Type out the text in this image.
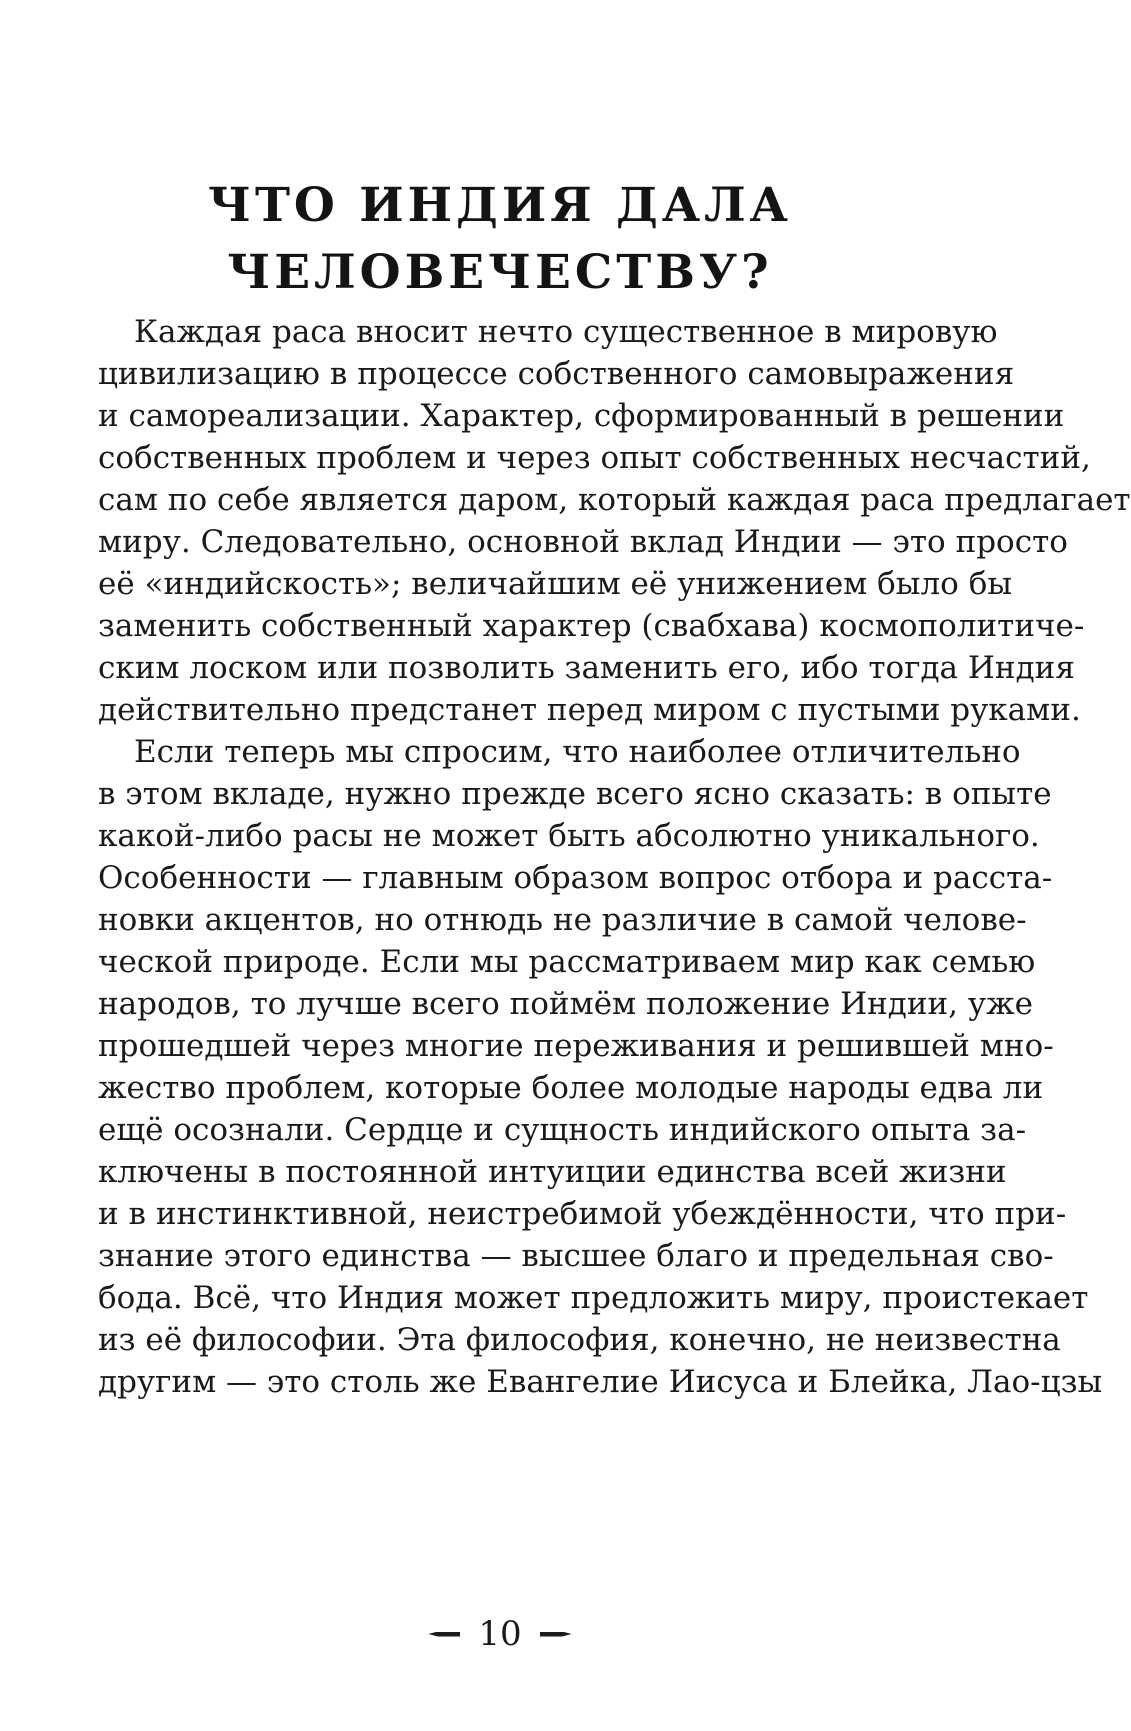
ЧТО ИНДИЯ ДАЛА
ЧЕЛОВЕЧЕСТВУ?
Каждая раса вносит нечто существенное в мировую
цивилизацию в процессе собственного самовыражения
и самореализации. Характер, сформированный в решении
собственных проблем и через опыт собственных несчастий,
сам по себе является даром, который каждая раса предлагает
миру. Следовательно, основной вклад Индии — это просто
её «индийскость»; величайшим её унижением было бы
заменить собственный характер (свабхава) космополитиче-
ским лоском или позволить заменить его, ибо тогда Индия
действительно предстанет перед миром с пустыми руками.
Если теперь мы спросим, что наиболее отличительно
в этом вкладе, нужно прежде всего ясно сказать: в опыте
какой-либо расы не может быть абсолютно уникального.
Особенности — главным образом вопрос отбора и расста-
новки акцентов, но отнюдь не различие в самой челове-
ческой природе. Если мы рассматриваем мир как семью
народов, то лучше всего поймём положение Индии, уже
прошедшей через многие переживания и решившей мно-
жество проблем, которые более молодые народы едва ли
ещё осознали. Сердце и сущность индийского опыта за-
ключены в постоянной интуиции единства всей жизни
и в инстинктивной, неистребимой убеждённости, что при-
знание этого единства — высшее благо и предельная сво-
бода. Всё, что Индия может предложить миру, проистекает
из её философии. Эта философия, конечно, не неизвестна
другим — это столь же Евангелие Иисуса и Блейка, Лао-цзы
10
